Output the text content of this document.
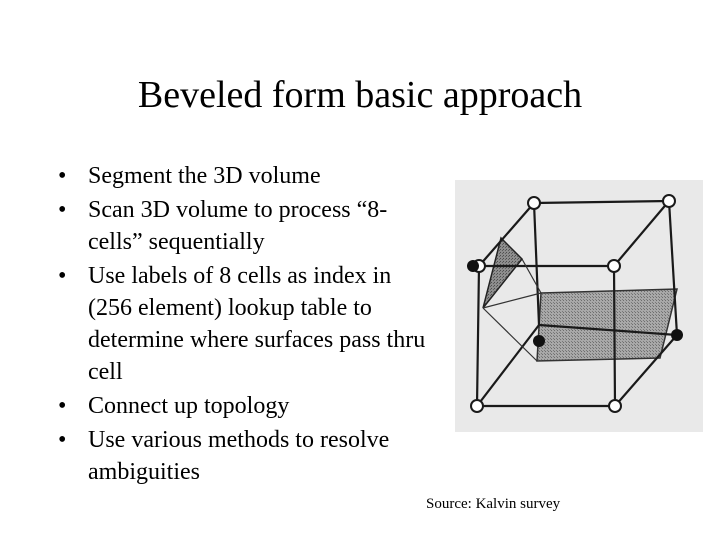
Beveled form basic approach
• Segment the 3D volume
• Scan 3D volume to process “8-cells” sequentially
• Use labels of 8 cells as index in (256 element) lookup table to determine where surfaces pass thru cell
• Connect up topology
• Use various methods to resolve ambiguities
Source: Kalvin survey
